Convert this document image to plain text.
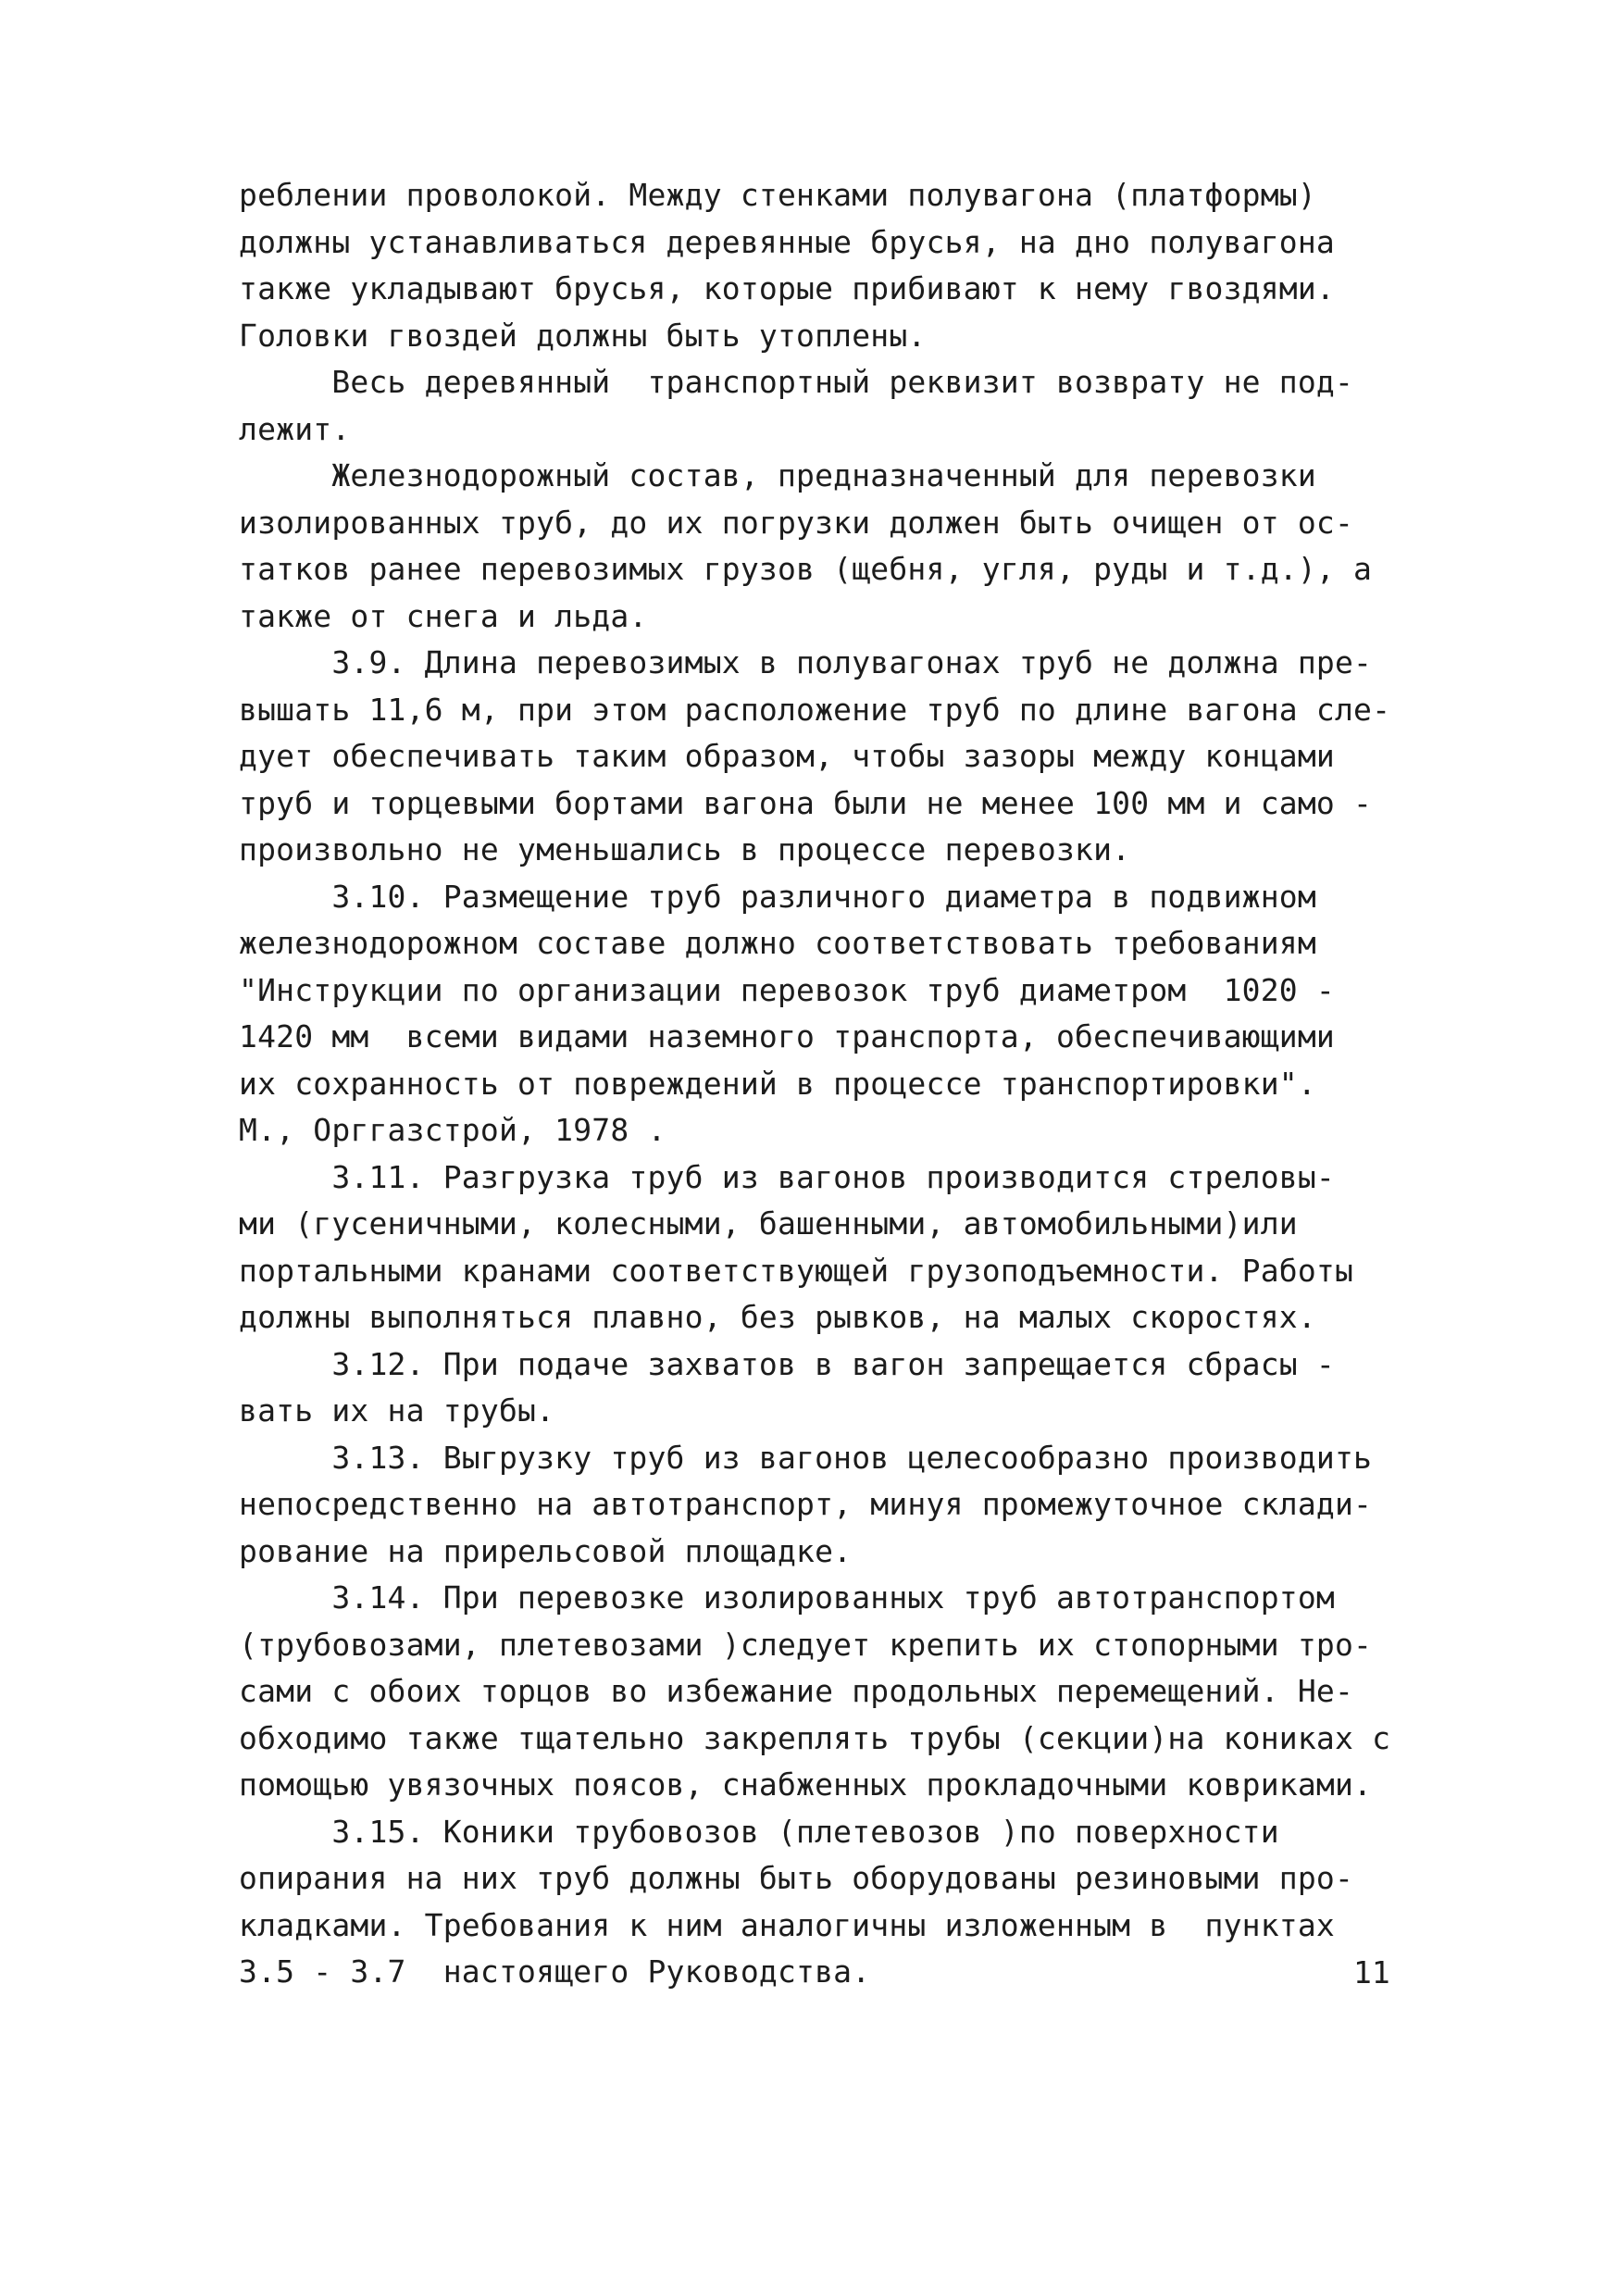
реблении проволокой. Между стенками полувагона (платформы)
должны устанавливаться деревянные брусья, на дно полувагона
также укладывают брусья, которые прибивают к нему гвоздями.
Головки гвоздей должны быть утоплены.
Весь деревянный  транспортный реквизит возврату не под-
лежит.
Железнодорожный состав, предназначенный для перевозки
изолированных труб, до их погрузки должен быть очищен от ос-
татков ранее перевозимых грузов (щебня, угля, руды и т.д.), а
также от снега и льда.
3.9. Длина перевозимых в полувагонах труб не должна пре-
вышать 11,6 м, при этом расположение труб по длине вагона сле-
дует обеспечивать таким образом, чтобы зазоры между концами
труб и торцевыми бортами вагона были не менее 100 мм и само -
произвольно не уменьшались в процессе перевозки.
3.10. Размещение труб различного диаметра в подвижном
железнодорожном составе должно соответствовать требованиям
"Инструкции по организации перевозок труб диаметром  1020 -
1420 мм  всеми видами наземного транспорта, обеспечивающими
их сохранность от повреждений в процессе транспортировки".
М., Орггазстрой, 1978 .
3.11. Разгрузка труб из вагонов производится стреловы-
ми (гусеничными, колесными, башенными, автомобильными)или
портальными кранами соответствующей грузоподъемности. Работы
должны выполняться плавно, без рывков, на малых скоростях.
3.12. При подаче захватов в вагон запрещается сбрасы -
вать их на трубы.
3.13. Выгрузку труб из вагонов целесообразно производить
непосредственно на автотранспорт, минуя промежуточное склади-
рование на прирельсовой площадке.
3.14. При перевозке изолированных труб автотранспортом
(трубовозами, плетевозами )следует крепить их стопорными тро-
сами с обоих торцов во избежание продольных перемещений. Не-
обходимо также тщательно закреплять трубы (секции)на кониках с
помощью увязочных поясов, снабженных прокладочными ковриками.
3.15. Коники трубовозов (плетевозов )по поверхности
опирания на них труб должны быть оборудованы резиновыми про-
кладками. Требования к ним аналогичны изложенным в  пунктах
3.5 - 3.7  настоящего Руководства.	11
